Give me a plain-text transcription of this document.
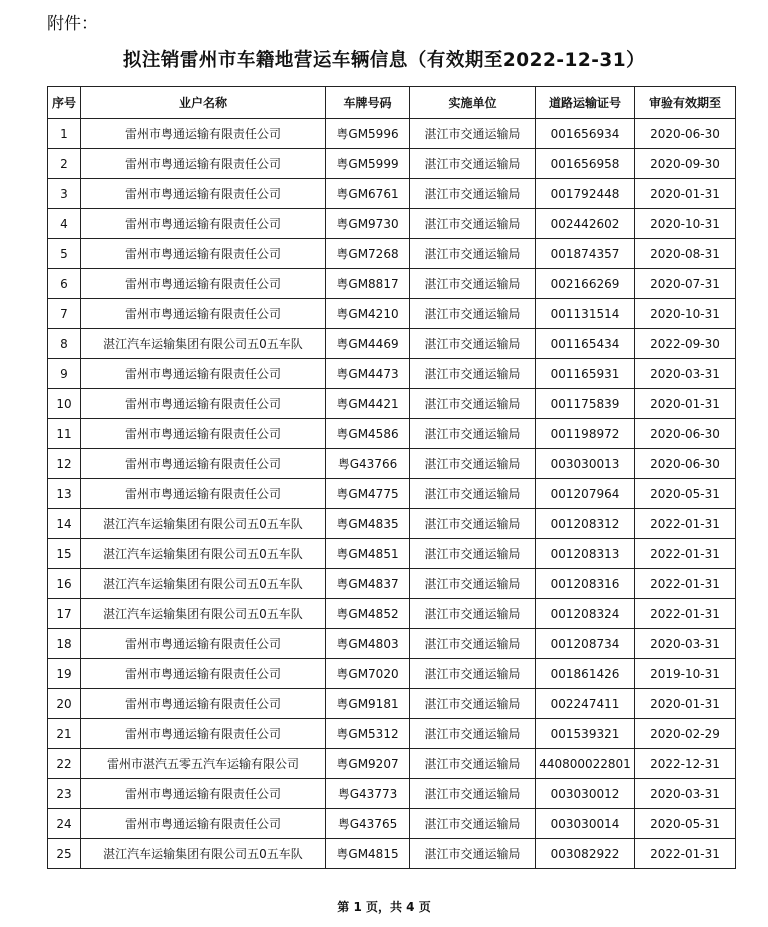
附件：
拟注销雷州市车籍地营运车辆信息（有效期至2022-12-31）
序号	业户名称	车牌号码	实施单位	道路运输证号	审验有效期至
1	雷州市粤通运输有限责任公司	粤GM5996	湛江市交通运输局	001656934	2020-06-30
2	雷州市粤通运输有限责任公司	粤GM5999	湛江市交通运输局	001656958	2020-09-30
3	雷州市粤通运输有限责任公司	粤GM6761	湛江市交通运输局	001792448	2020-01-31
4	雷州市粤通运输有限责任公司	粤GM9730	湛江市交通运输局	002442602	2020-10-31
5	雷州市粤通运输有限责任公司	粤GM7268	湛江市交通运输局	001874357	2020-08-31
6	雷州市粤通运输有限责任公司	粤GM8817	湛江市交通运输局	002166269	2020-07-31
7	雷州市粤通运输有限责任公司	粤GM4210	湛江市交通运输局	001131514	2020-10-31
8	湛江汽车运输集团有限公司五0五车队	粤GM4469	湛江市交通运输局	001165434	2022-09-30
9	雷州市粤通运输有限责任公司	粤GM4473	湛江市交通运输局	001165931	2020-03-31
10	雷州市粤通运输有限责任公司	粤GM4421	湛江市交通运输局	001175839	2020-01-31
11	雷州市粤通运输有限责任公司	粤GM4586	湛江市交通运输局	001198972	2020-06-30
12	雷州市粤通运输有限责任公司	粤G43766	湛江市交通运输局	003030013	2020-06-30
13	雷州市粤通运输有限责任公司	粤GM4775	湛江市交通运输局	001207964	2020-05-31
14	湛江汽车运输集团有限公司五0五车队	粤GM4835	湛江市交通运输局	001208312	2022-01-31
15	湛江汽车运输集团有限公司五0五车队	粤GM4851	湛江市交通运输局	001208313	2022-01-31
16	湛江汽车运输集团有限公司五0五车队	粤GM4837	湛江市交通运输局	001208316	2022-01-31
17	湛江汽车运输集团有限公司五0五车队	粤GM4852	湛江市交通运输局	001208324	2022-01-31
18	雷州市粤通运输有限责任公司	粤GM4803	湛江市交通运输局	001208734	2020-03-31
19	雷州市粤通运输有限责任公司	粤GM7020	湛江市交通运输局	001861426	2019-10-31
20	雷州市粤通运输有限责任公司	粤GM9181	湛江市交通运输局	002247411	2020-01-31
21	雷州市粤通运输有限责任公司	粤GM5312	湛江市交通运输局	001539321	2020-02-29
22	雷州市湛汽五零五汽车运输有限公司	粤GM9207	湛江市交通运输局	440800022801	2022-12-31
23	雷州市粤通运输有限责任公司	粤G43773	湛江市交通运输局	003030012	2020-03-31
24	雷州市粤通运输有限责任公司	粤G43765	湛江市交通运输局	003030014	2020-05-31
25	湛江汽车运输集团有限公司五0五车队	粤GM4815	湛江市交通运输局	003082922	2022-01-31
第 1 页，共 4 页
